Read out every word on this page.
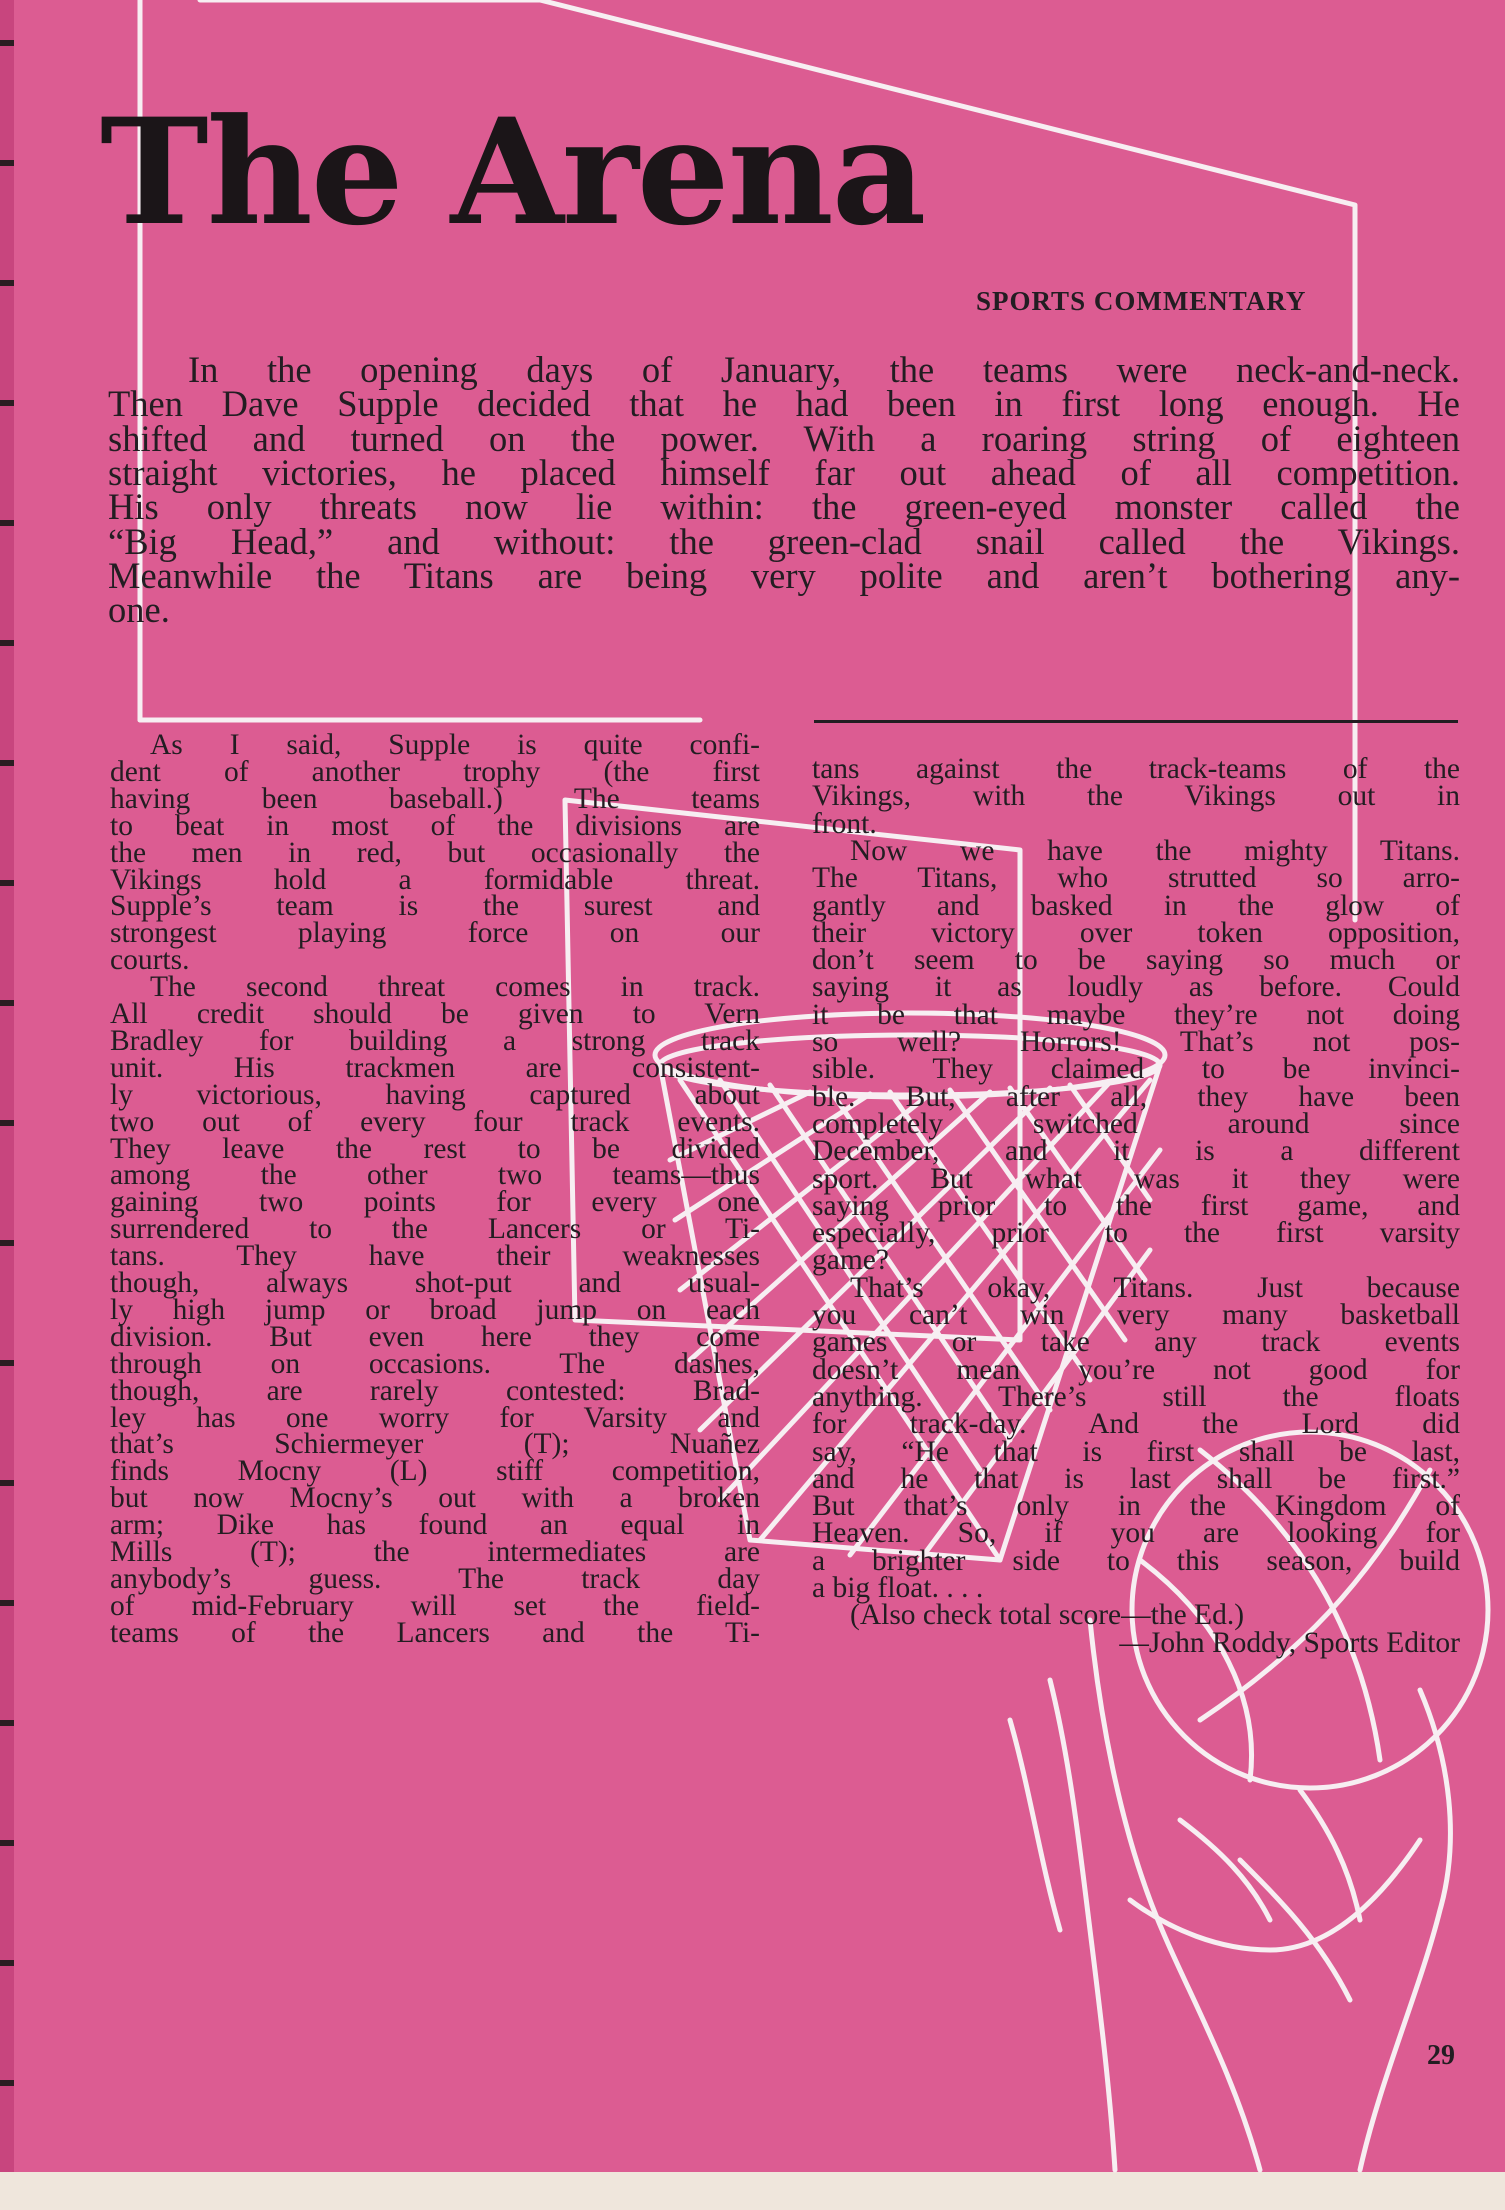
The Arena
SPORTS COMMENTARY
In the opening days of January, the teams were neck-and-neck.
Then Dave Supple decided that he had been in first long enough. He
shifted and turned on the power. With a roaring string of eighteen
straight victories, he placed himself far out ahead of all competition.
His only threats now lie within: the green-eyed monster called the
“Big Head,” and without: the green-clad snail called the Vikings.
Meanwhile the Titans are being very polite and aren’t bothering any-
one.
As I said, Supple is quite confi-
dent of another trophy (the first
having been baseball.) The teams
to beat in most of the divisions are
the men in red, but occasionally the
Vikings hold a formidable threat.
Supple’s team is the surest and
strongest playing force on our
courts.
The second threat comes in track.
All credit should be given to Vern
Bradley for building a strong track
unit. His trackmen are consistent-
ly victorious, having captured about
two out of every four track events.
They leave the rest to be divided
among the other two teams—thus
gaining two points for every one
surrendered to the Lancers or Ti-
tans. They have their weaknesses
though, always shot-put and usual-
ly high jump or broad jump on each
division. But even here they come
through on occasions. The dashes,
though, are rarely contested: Brad-
ley has one worry for Varsity and
that’s Schiermeyer (T); Nuañez
finds Mocny (L) stiff competition,
but now Mocny’s out with a broken
arm; Dike has found an equal in
Mills (T); the intermediates are
anybody’s guess. The track day
of mid-February will set the field-
teams of the Lancers and the Ti-
tans against the track-teams of the
Vikings, with the Vikings out in
front.
Now we have the mighty Titans.
The Titans, who strutted so arro-
gantly and basked in the glow of
their victory over token opposition,
don’t seem to be saying so much or
saying it as loudly as before. Could
it be that maybe they’re not doing
so well? Horrors! That’s not pos-
sible. They claimed to be invinci-
ble. But, after all, they have been
completely switched around since
December, and it is a different
sport. But what was it they were
saying prior to the first game, and
especially, prior to the first varsity
game?
That’s okay, Titans. Just because
you can’t win very many basketball
games or take any track events
doesn’t mean you’re not good for
anything. There’s still the floats
for track-day. And the Lord did
say, “He that is first shall be last,
and he that is last shall be first.”
But that’s only in the Kingdom of
Heaven. So, if you are looking for
a brighter side to this season, build
a big float. . . .
(Also check total score—the Ed.)
—John Roddy, Sports Editor
29
